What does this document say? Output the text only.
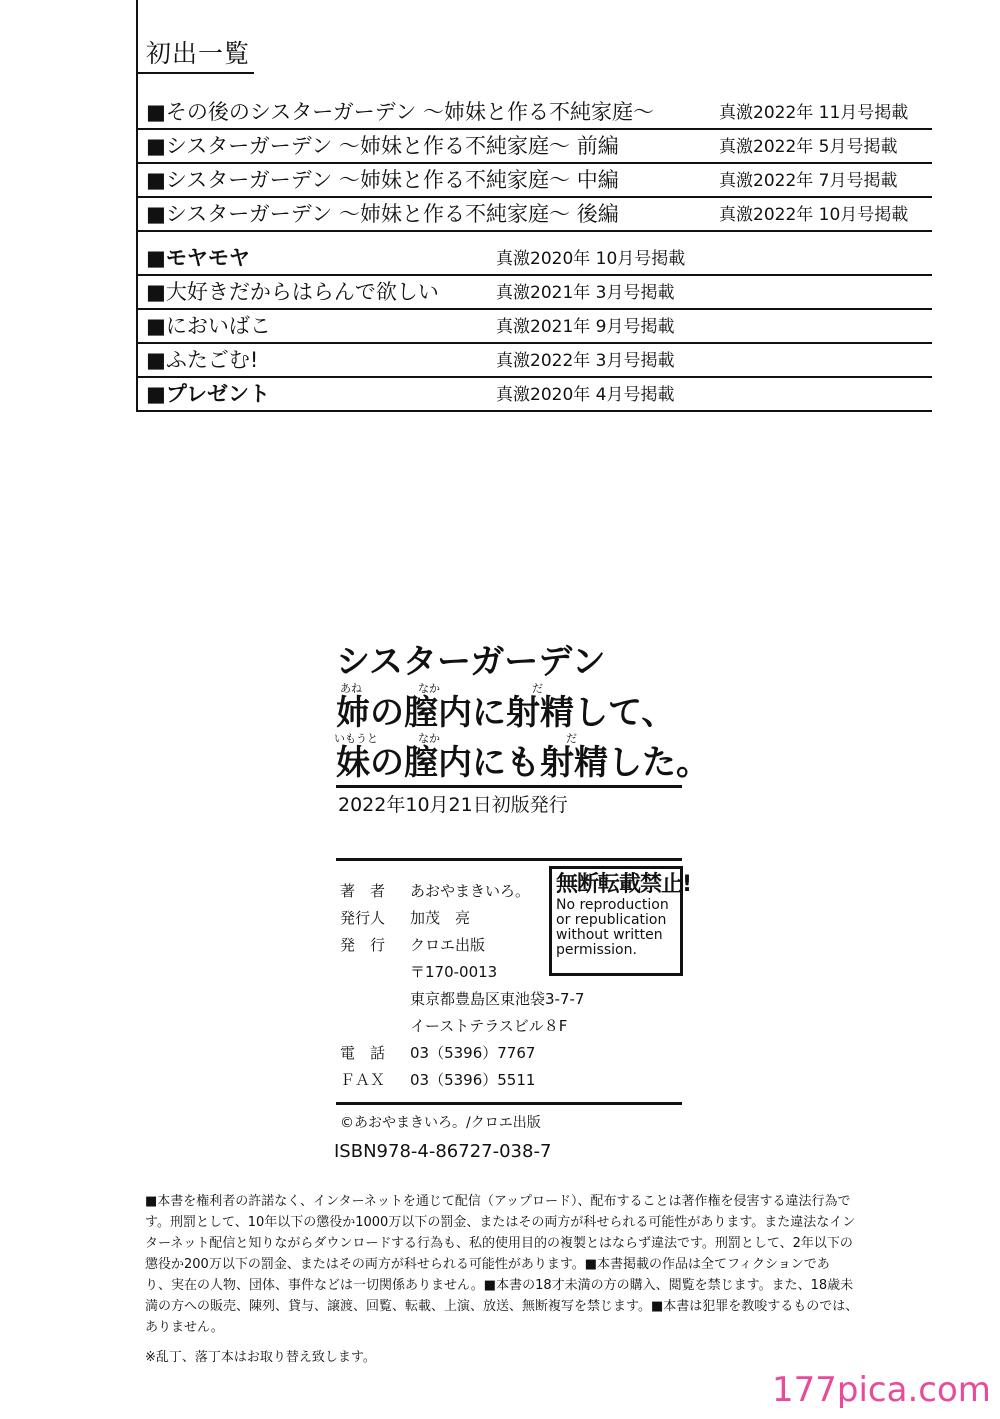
初出一覧
■その後のシスターガーデン ～姉妹と作る不純家庭～	真激2022年 11月号掲載
■シスターガーデン ～姉妹と作る不純家庭～ 前編	真激2022年 5月号掲載
■シスターガーデン ～姉妹と作る不純家庭～ 中編	真激2022年 7月号掲載
■シスターガーデン ～姉妹と作る不純家庭～ 後編	真激2022年 10月号掲載
■モヤモヤ	真激2020年 10月号掲載
■大好きだからはらんで欲しい	真激2021年 3月号掲載
■においばこ	真激2021年 9月号掲載
■ふたごむ!	真激2022年 3月号掲載
■プレゼント	真激2020年 4月号掲載
シスターガーデン
あね	なか	だ
姉の膣内に射精して、
いもうと	なか	だ
妹の膣内にも射精した。
2022年10月21日初版発行
著　者 あおやまきいろ。
発行人 加茂　亮
発　行 クロエ出版
〒170-0013
東京都豊島区東池袋3-7-7
イーストテラスビル８F
電　話 03（5396）7767
ＦＡＸ 03（5396）5511
無断転載禁止!
No reproduction
or republication
without written
permission.
©あおやまきいろ。/クロエ出版
ISBN978-4-86727-038-7
■本書を権利者の許諾なく、インターネットを通じて配信（アップロード）、配布することは著作権を侵害する違法行為で
す。刑罰として、10年以下の懲役か1000万以下の罰金、またはその両方が科せられる可能性があります。また違法なイン
ターネット配信と知りながらダウンロードする行為も、私的使用目的の複製とはならず違法です。刑罰として、2年以下の
懲役か200万以下の罰金、またはその両方が科せられる可能性があります。■本書掲載の作品は全てフィクションであ
り、実在の人物、団体、事件などは一切関係ありません。■本書の18才未満の方の購入、閲覧を禁じます。また、18歳未
満の方への販売、陳列、貸与、譲渡、回覧、転載、上演、放送、無断複写を禁じます。■本書は犯罪を教唆するものでは、
ありません。
※乱丁、落丁本はお取り替え致します。
177pica.com
